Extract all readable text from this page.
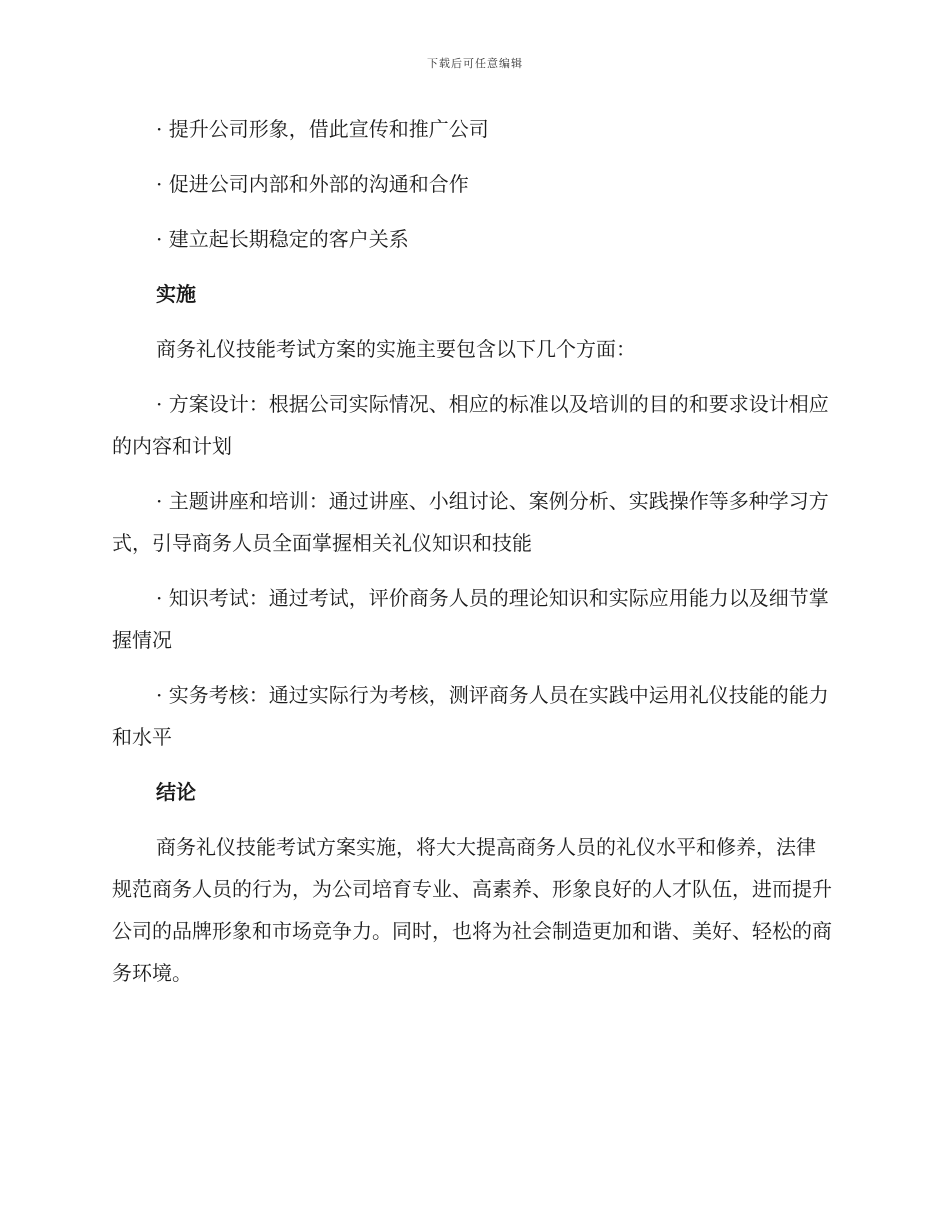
下载后可任意编辑

· 提升公司形象，借此宣传和推广公司

· 促进公司内部和外部的沟通和合作

· 建立起长期稳定的客户关系

实施

商务礼仪技能考试方案的实施主要包含以下几个方面：

· 方案设计：根据公司实际情况、相应的标准以及培训的目的和要求设计相应的内容和计划

· 主题讲座和培训：通过讲座、小组讨论、案例分析、实践操作等多种学习方式，引导商务人员全面掌握相关礼仪知识和技能

· 知识考试：通过考试，评价商务人员的理论知识和实际应用能力以及细节掌握情况

· 实务考核：通过实际行为考核，测评商务人员在实践中运用礼仪技能的能力和水平

结论

商务礼仪技能考试方案实施，将大大提高商务人员的礼仪水平和修养，法律规范商务人员的行为，为公司培育专业、高素养、形象良好的人才队伍，进而提升公司的品牌形象和市场竞争力。同时，也将为社会制造更加和谐、美好、轻松的商务环境。
